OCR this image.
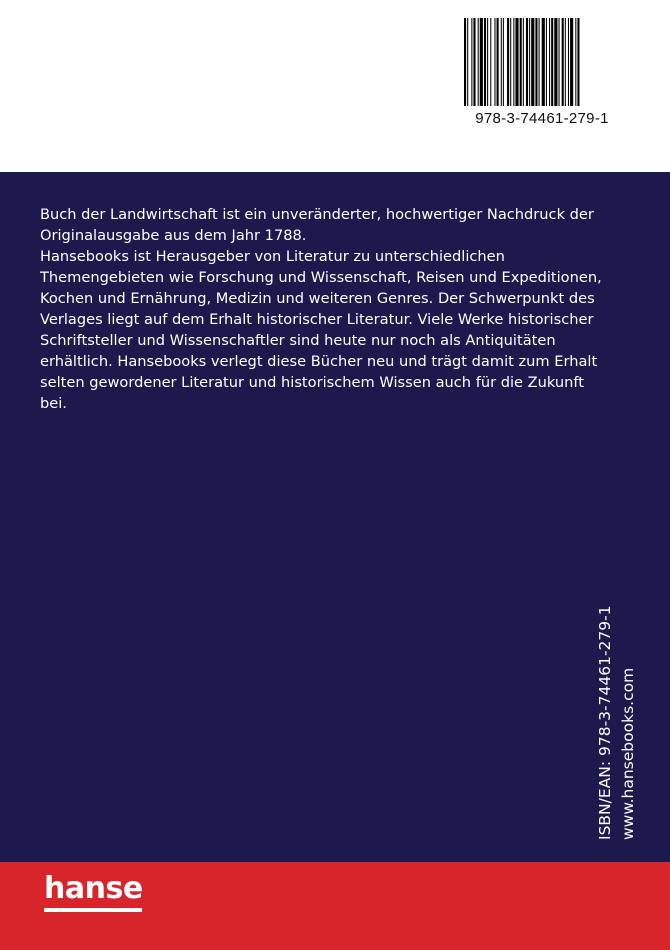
978-3-74461-279-1

Buch der Landwirtschaft ist ein unveränderter, hochwertiger Nachdruck der

Originalausgabe aus dem Jahr 1788.

Hansebooks ist Herausgeber von Literatur zu unterschiedlichen

Themengebieten wie Forschung und Wissenschaft, Reisen und Expeditionen,

Kochen und Ernährung, Medizin und weiteren Genres. Der Schwerpunkt des

Verlages liegt auf dem Erhalt historischer Literatur. Viele Werke historischer

Schriftsteller und Wissenschaftler sind heute nur noch als Antiquitäten

erhältlich. Hansebooks verlegt diese Bücher neu und trägt damit zum Erhalt

selten gewordener Literatur und historischem Wissen auch für die Zukunft

bei.

ISBN/EAN: 978-3-74461-279-1 www.hansebooks.com
hanse
